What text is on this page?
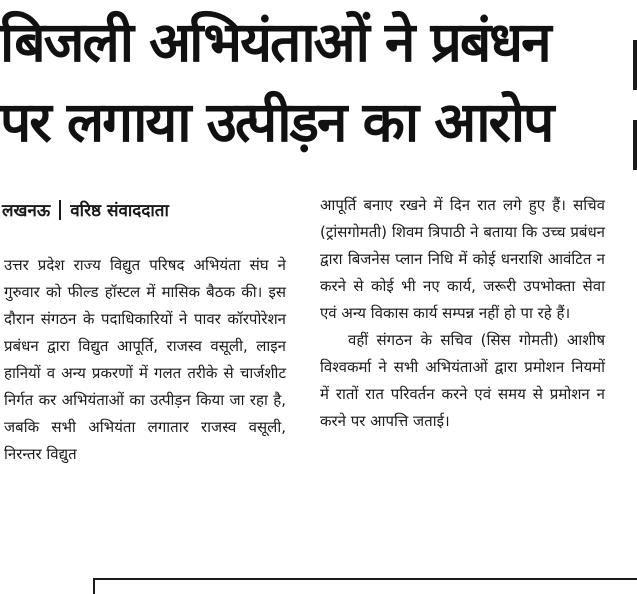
बिजली अभियंताओं ने प्रबंधन
पर लगाया उत्पीड़न का आरोप
लखनऊ वरिष्ठ संवाददाता

उत्तर प्रदेश राज्य विद्युत परिषद अभियंता संघ ने गुरुवार को फील्ड हॉस्टल में मासिक बैठक की। इस दौरान संगठन के पदाधिकारियों ने पावर कॉरपोरेशन प्रबंधन द्वारा विद्युत आपूर्ति, राजस्व वसूली, लाइन हानियों व अन्य प्रकरणों में गलत तरीके से चार्जशीट निर्गत कर अभियंताओं का उत्पीड़न किया जा रहा है, जबकि सभी अभियंता लगातार राजस्व वसूली, निरन्तर विद्युत

आपूर्ति बनाए रखने में दिन रात लगे हुए हैं। सचिव (ट्रांसगोमती) शिवम त्रिपाठी ने बताया कि उच्च प्रबंधन द्वारा बिजनेस प्लान निधि में कोई धनराशि आवंटित न करने से कोई भी नए कार्य, जरूरी उपभोक्ता सेवा एवं अन्य विकास कार्य सम्पन्न नहीं हो पा रहे हैं।

वहीं संगठन के सचिव (सिस गोमती) आशीष विश्वकर्मा ने सभी अभियंताओं द्वारा प्रमोशन नियमों में रातों रात परिवर्तन करने एवं समय से प्रमोशन न करने पर आपत्ति जताई।
